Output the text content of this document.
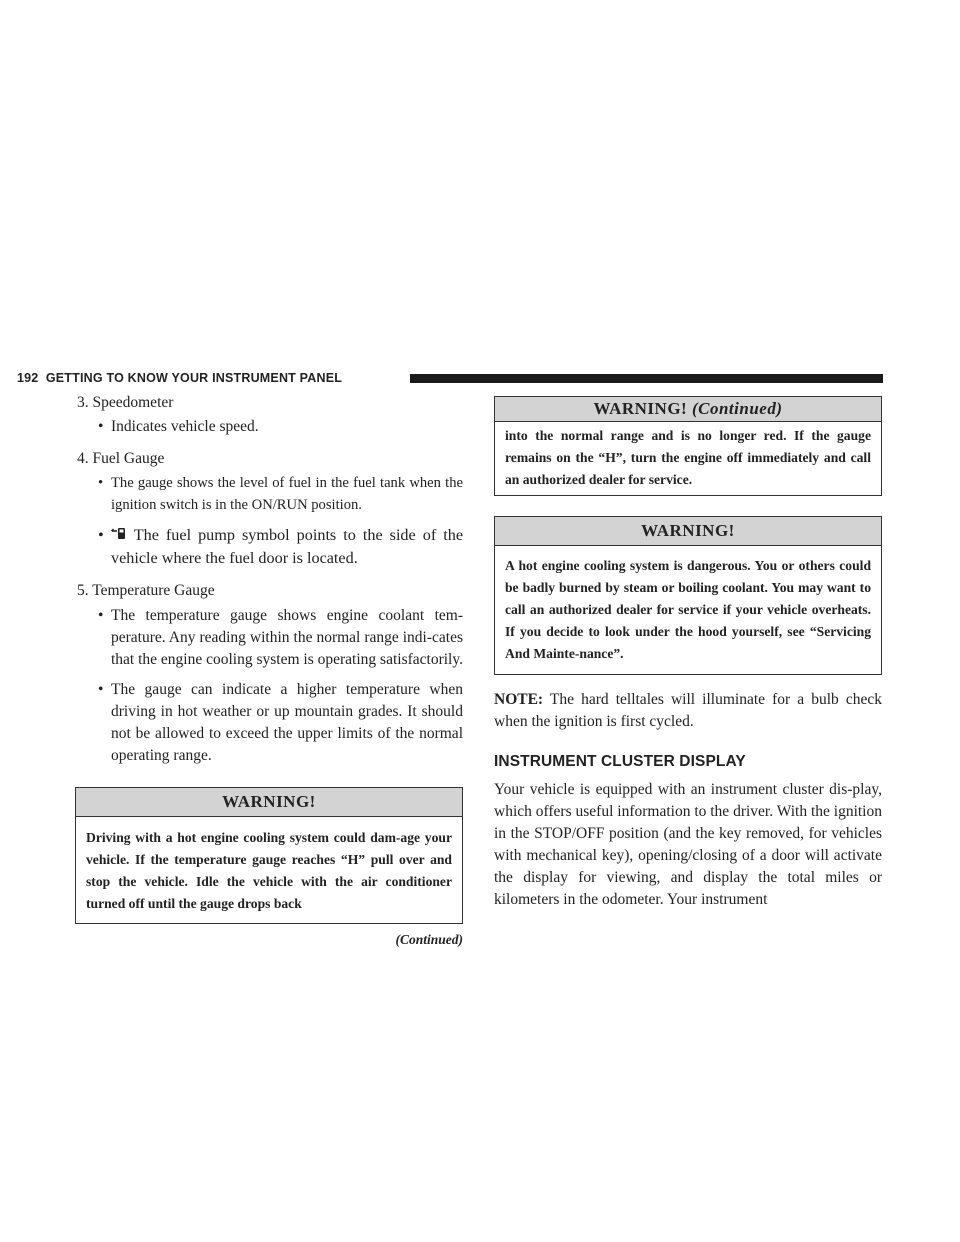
192 GETTING TO KNOW YOUR INSTRUMENT PANEL

3. Speedometer

• Indicates vehicle speed.

4. Fuel Gauge

• The gauge shows the level of fuel in the fuel tank when the ignition switch is in the ON/RUN position.
• The fuel pump symbol points to the side of the vehicle where the fuel door is located.

5. Temperature Gauge

• The temperature gauge shows engine coolant tem-perature. Any reading within the normal range indi-cates that the engine cooling system is operating satisfactorily.
• The gauge can indicate a higher temperature when driving in hot weather or up mountain grades. It should not be allowed to exceed the upper limits of the normal operating range.
WARNING!
Driving with a hot engine cooling system could dam-age your vehicle. If the temperature gauge reaches “H” pull over and stop the vehicle. Idle the vehicle with the air conditioner turned off until the gauge drops back
(Continued)
WARNING! (Continued)
into the normal range and is no longer red. If the gauge remains on the “H”, turn the engine off immediately and call an authorized dealer for service.
WARNING!
A hot engine cooling system is dangerous. You or others could be badly burned by steam or boiling coolant. You may want to call an authorized dealer for service if your vehicle overheats. If you decide to look under the hood yourself, see “Servicing And Mainte-nance”.
NOTE: The hard telltales will illuminate for a bulb check when the ignition is first cycled.
INSTRUMENT CLUSTER DISPLAY
Your vehicle is equipped with an instrument cluster dis-play, which offers useful information to the driver. With the ignition in the STOP/OFF position (and the key removed, for vehicles with mechanical key), opening/closing of a door will activate the display for viewing, and display the total miles or kilometers in the odometer. Your instrument
